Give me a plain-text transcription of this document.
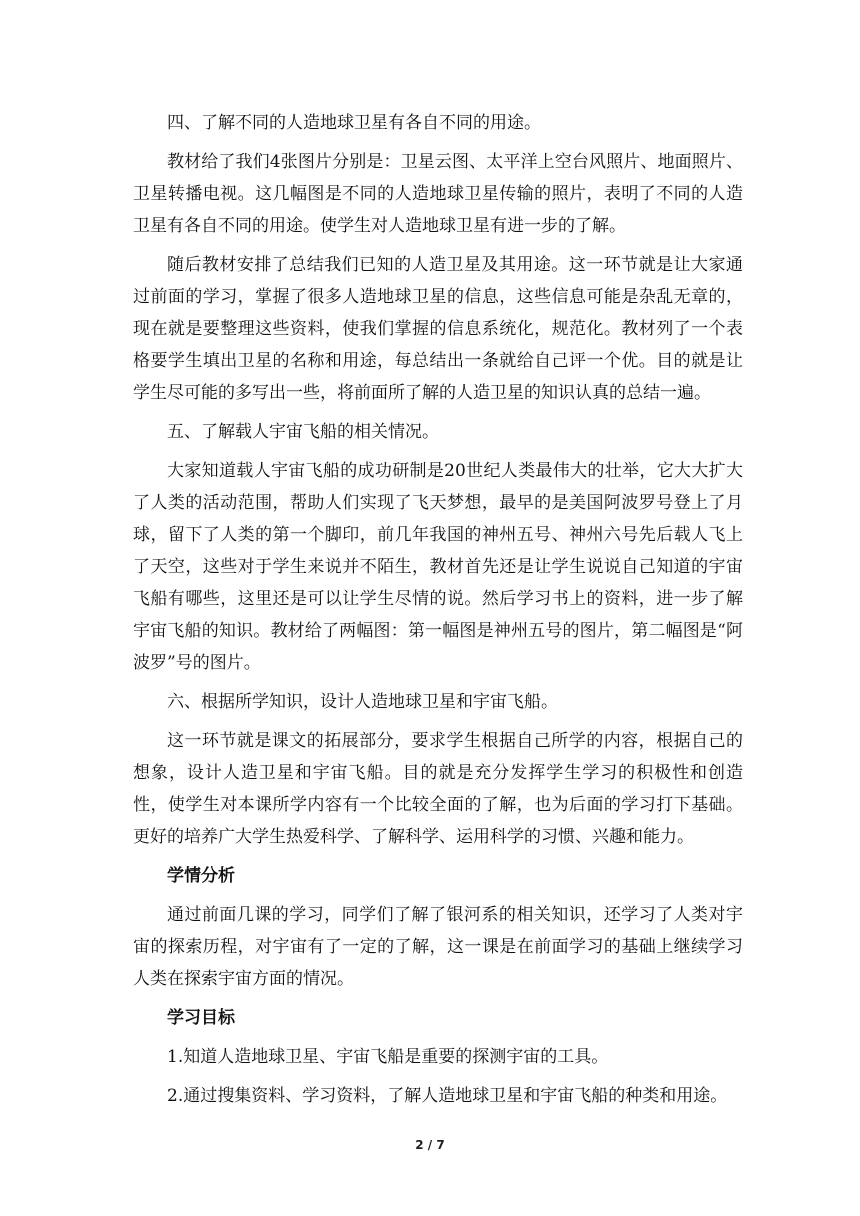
四、了解不同的人造地球卫星有各自不同的用途。

教材给了我们4张图片分别是：卫星云图、太平洋上空台风照片、地面照片、卫星转播电视。这几幅图是不同的人造地球卫星传输的照片，表明了不同的人造卫星有各自不同的用途。使学生对人造地球卫星有进一步的了解。

随后教材安排了总结我们已知的人造卫星及其用途。这一环节就是让大家通过前面的学习，掌握了很多人造地球卫星的信息，这些信息可能是杂乱无章的，现在就是要整理这些资料，使我们掌握的信息系统化，规范化。教材列了一个表格要学生填出卫星的名称和用途，每总结出一条就给自己评一个优。目的就是让学生尽可能的多写出一些，将前面所了解的人造卫星的知识认真的总结一遍。

五、了解载人宇宙飞船的相关情况。

大家知道载人宇宙飞船的成功研制是20世纪人类最伟大的壮举，它大大扩大了人类的活动范围，帮助人们实现了飞天梦想，最早的是美国阿波罗号登上了月球，留下了人类的第一个脚印，前几年我国的神州五号、神州六号先后载人飞上了天空，这些对于学生来说并不陌生，教材首先还是让学生说说自己知道的宇宙飞船有哪些，这里还是可以让学生尽情的说。然后学习书上的资料，进一步了解宇宙飞船的知识。教材给了两幅图：第一幅图是神州五号的图片，第二幅图是“阿波罗”号的图片。

六、根据所学知识，设计人造地球卫星和宇宙飞船。

这一环节就是课文的拓展部分，要求学生根据自己所学的内容，根据自己的想象，设计人造卫星和宇宙飞船。目的就是充分发挥学生学习的积极性和创造性，使学生对本课所学内容有一个比较全面的了解，也为后面的学习打下基础。更好的培养广大学生热爱科学、了解科学、运用科学的习惯、兴趣和能力。

学情分析

通过前面几课的学习，同学们了解了银河系的相关知识，还学习了人类对宇宙的探索历程，对宇宙有了一定的了解，这一课是在前面学习的基础上继续学习人类在探索宇宙方面的情况。

学习目标

1.知道人造地球卫星、宇宙飞船是重要的探测宇宙的工具。

2.通过搜集资料、学习资料，了解人造地球卫星和宇宙飞船的种类和用途。

2 / 7
